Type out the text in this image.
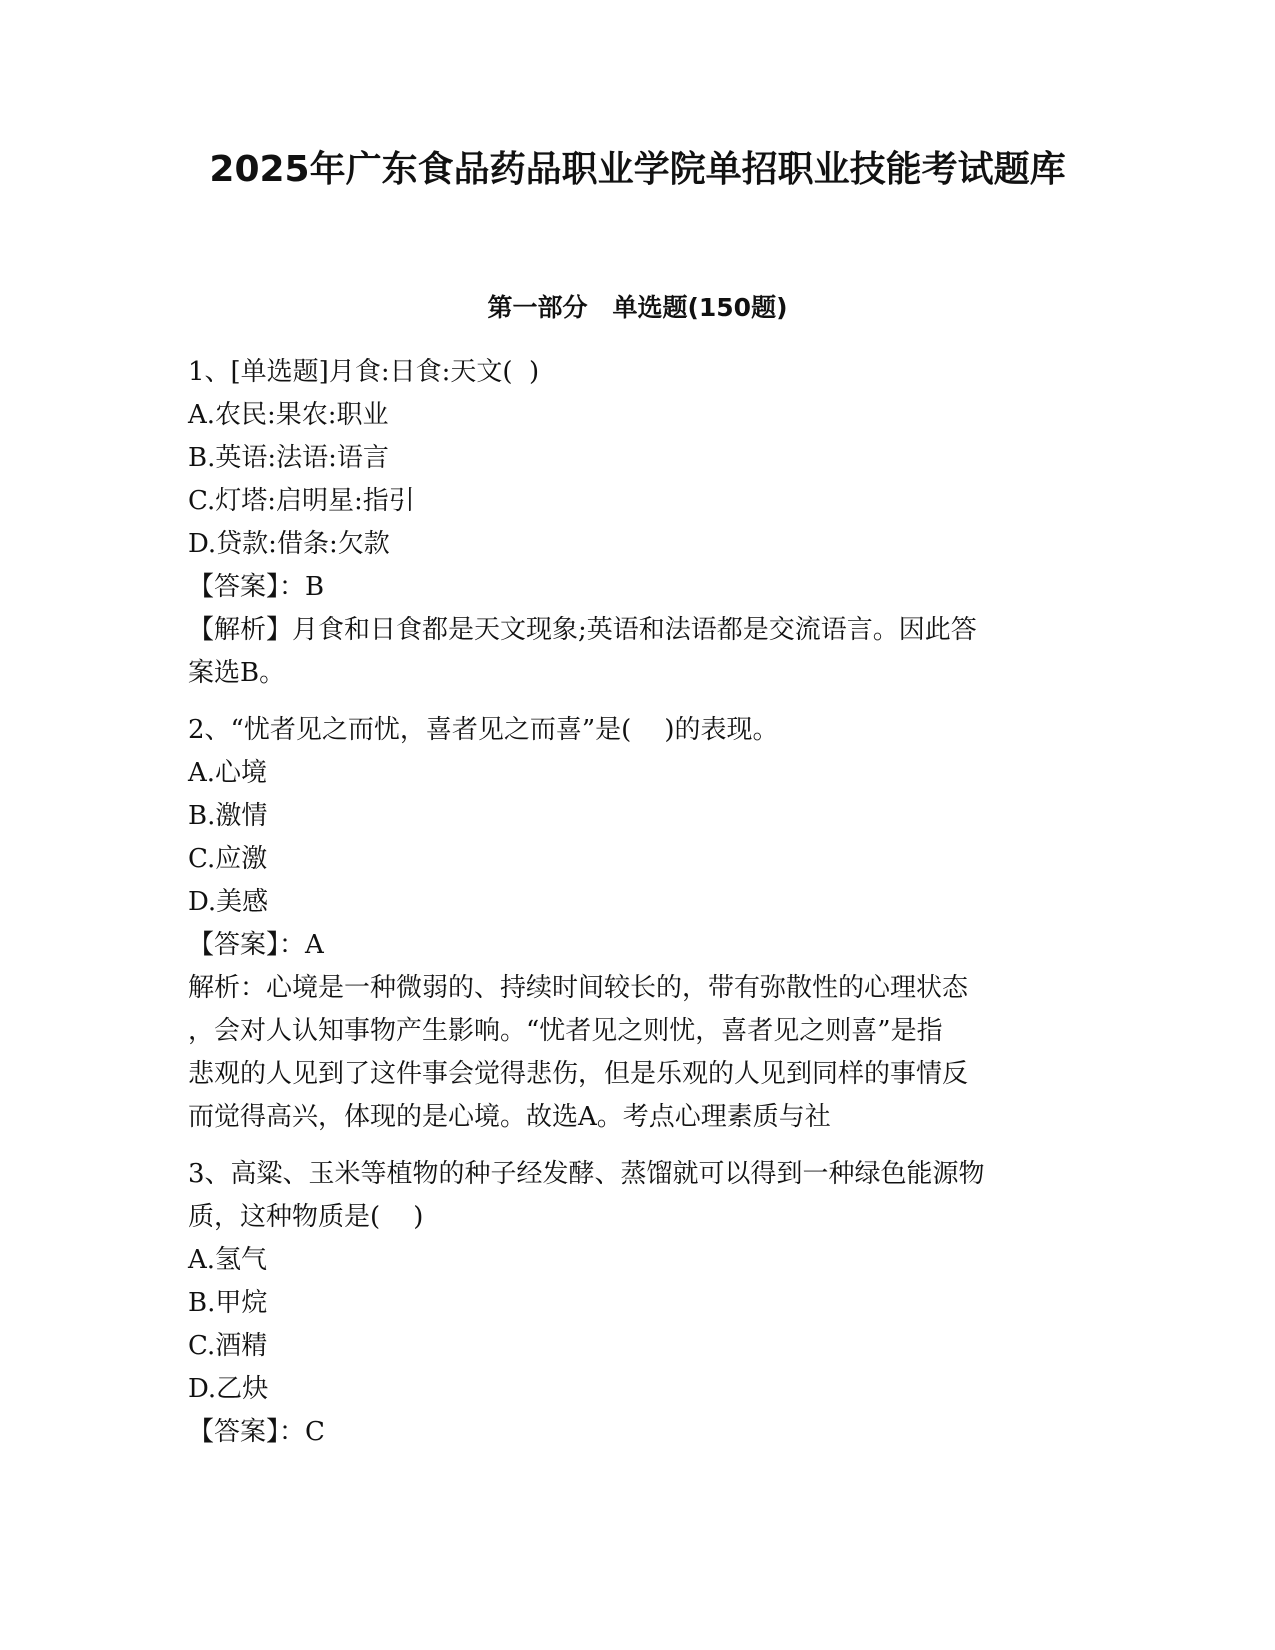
2025年广东食品药品职业学院单招职业技能考试题库
第一部分　单选题(150题)
1、[单选题]月食:日食:天文(  )
A.农民:果农:职业
B.英语:法语:语言
C.灯塔:启明星:指引
D.贷款:借条:欠款
【答案】：B
【解析】月食和日食都是天文现象;英语和法语都是交流语言。因此答
案选B。
2、“忧者见之而忧，喜者见之而喜”是(    )的表现。
A.心境
B.激情
C.应激
D.美感
【答案】：A
解析：心境是一种微弱的、持续时间较长的，带有弥散性的心理状态
，会对人认知事物产生影响。“忧者见之则忧，喜者见之则喜”是指
悲观的人见到了这件事会觉得悲伤，但是乐观的人见到同样的事情反
而觉得高兴，体现的是心境。故选A。考点心理素质与社
3、高粱、玉米等植物的种子经发酵、蒸馏就可以得到一种绿色能源物
质，这种物质是(    )
A.氢气
B.甲烷
C.酒精
D.乙炔
【答案】：C
